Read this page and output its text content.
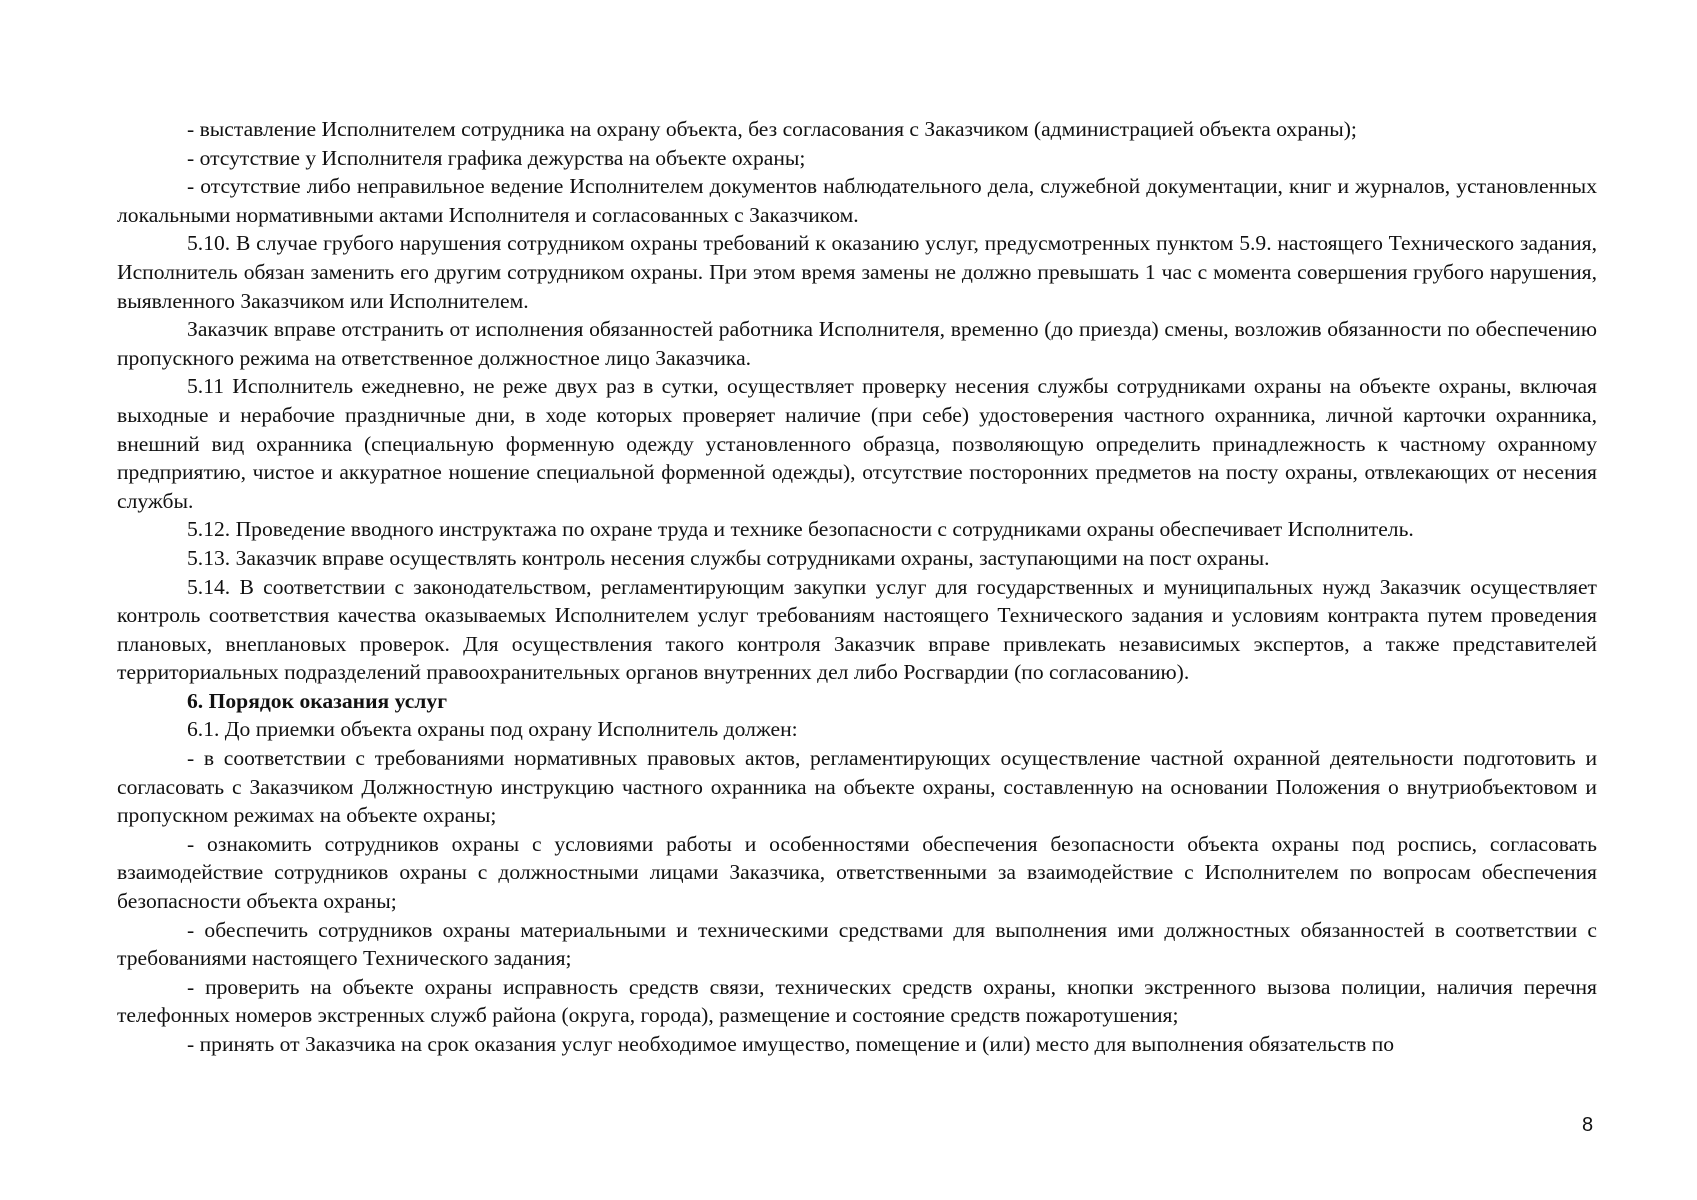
- выставление Исполнителем сотрудника на охрану объекта, без согласования с Заказчиком (администрацией объекта охраны);

- отсутствие у Исполнителя графика дежурства на объекте охраны;

- отсутствие либо неправильное ведение Исполнителем документов наблюдательного дела, служебной документации, книг и журналов, установленных локальными нормативными актами Исполнителя и согласованных с Заказчиком.

5.10. В случае грубого нарушения сотрудником охраны требований к оказанию услуг, предусмотренных пунктом 5.9. настоящего Технического задания, Исполнитель обязан заменить его другим сотрудником охраны. При этом время замены не должно превышать 1 час с момента совершения грубого нарушения, выявленного Заказчиком или Исполнителем.

Заказчик вправе отстранить от исполнения обязанностей работника Исполнителя, временно (до приезда) смены, возложив обязанности по обеспечению пропускного режима на ответственное должностное лицо Заказчика.

5.11 Исполнитель ежедневно, не реже двух раз в сутки, осуществляет проверку несения службы сотрудниками охраны на объекте охраны, включая выходные и нерабочие праздничные дни, в ходе которых проверяет наличие (при себе) удостоверения частного охранника, личной карточки охранника, внешний вид охранника (специальную форменную одежду установленного образца, позволяющую определить принадлежность к частному охранному предприятию, чистое и аккуратное ношение специальной форменной одежды), отсутствие посторонних предметов на посту охраны, отвлекающих от несения службы.

5.12. Проведение вводного инструктажа по охране труда и технике безопасности с сотрудниками охраны обеспечивает Исполнитель.

5.13. Заказчик вправе осуществлять контроль несения службы сотрудниками охраны, заступающими на пост охраны.

5.14. В соответствии с законодательством, регламентирующим закупки услуг для государственных и муниципальных нужд Заказчик осуществляет контроль соответствия качества оказываемых Исполнителем услуг требованиям настоящего Технического задания и условиям контракта путем проведения плановых, внеплановых проверок. Для осуществления такого контроля Заказчик вправе привлекать независимых экспертов, а также представителей территориальных подразделений правоохранительных органов внутренних дел либо Росгвардии (по согласованию).

6. Порядок оказания услуг

6.1. До приемки объекта охраны под охрану Исполнитель должен:

- в соответствии с требованиями нормативных правовых актов, регламентирующих осуществление частной охранной деятельности подготовить и согласовать с Заказчиком Должностную инструкцию частного охранника на объекте охраны, составленную на основании Положения о внутриобъектовом и пропускном режимах на объекте охраны;

- ознакомить сотрудников охраны с условиями работы и особенностями обеспечения безопасности объекта охраны под роспись, согласовать взаимодействие сотрудников охраны с должностными лицами Заказчика, ответственными за взаимодействие с Исполнителем по вопросам обеспечения безопасности объекта охраны;

- обеспечить сотрудников охраны материальными и техническими средствами для выполнения ими должностных обязанностей в соответствии с требованиями настоящего Технического задания;

- проверить на объекте охраны исправность средств связи, технических средств охраны, кнопки экстренного вызова полиции, наличия перечня телефонных номеров экстренных служб района (округа, города), размещение и состояние средств пожаротушения;

- принять от Заказчика на срок оказания услуг необходимое имущество, помещение и (или) место для выполнения обязательств по

8
